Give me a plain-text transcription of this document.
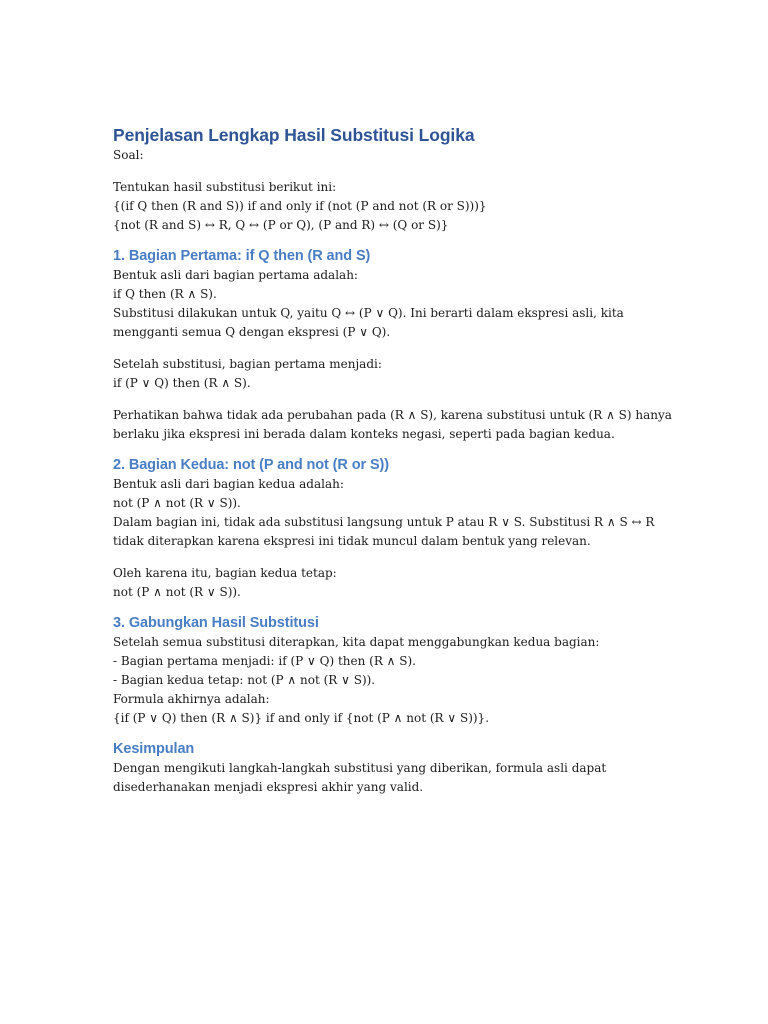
Penjelasan Lengkap Hasil Substitusi Logika

Soal:

Tentukan hasil substitusi berikut ini:

{(if Q then (R and S)) if and only if (not (P and not (R or S)))}

{not (R and S) ↔ R, Q ↔ (P or Q), (P and R) ↔ (Q or S)}

1. Bagian Pertama: if Q then (R and S)

Bentuk asli dari bagian pertama adalah:

if Q then (R ∧ S).

Substitusi dilakukan untuk Q, yaitu Q ↔ (P ∨ Q). Ini berarti dalam ekspresi asli, kita

mengganti semua Q dengan ekspresi (P ∨ Q).

Setelah substitusi, bagian pertama menjadi:

if (P ∨ Q) then (R ∧ S).

Perhatikan bahwa tidak ada perubahan pada (R ∧ S), karena substitusi untuk (R ∧ S) hanya

berlaku jika ekspresi ini berada dalam konteks negasi, seperti pada bagian kedua.

2. Bagian Kedua: not (P and not (R or S))

Bentuk asli dari bagian kedua adalah:

not (P ∧ not (R ∨ S)).

Dalam bagian ini, tidak ada substitusi langsung untuk P atau R ∨ S. Substitusi R ∧ S ↔ R

tidak diterapkan karena ekspresi ini tidak muncul dalam bentuk yang relevan.

Oleh karena itu, bagian kedua tetap:

not (P ∧ not (R ∨ S)).

3. Gabungkan Hasil Substitusi

Setelah semua substitusi diterapkan, kita dapat menggabungkan kedua bagian:

- Bagian pertama menjadi: if (P ∨ Q) then (R ∧ S).

- Bagian kedua tetap: not (P ∧ not (R ∨ S)).

Formula akhirnya adalah:

{if (P ∨ Q) then (R ∧ S)} if and only if {not (P ∧ not (R ∨ S))}.

Kesimpulan

Dengan mengikuti langkah-langkah substitusi yang diberikan, formula asli dapat

disederhanakan menjadi ekspresi akhir yang valid.
